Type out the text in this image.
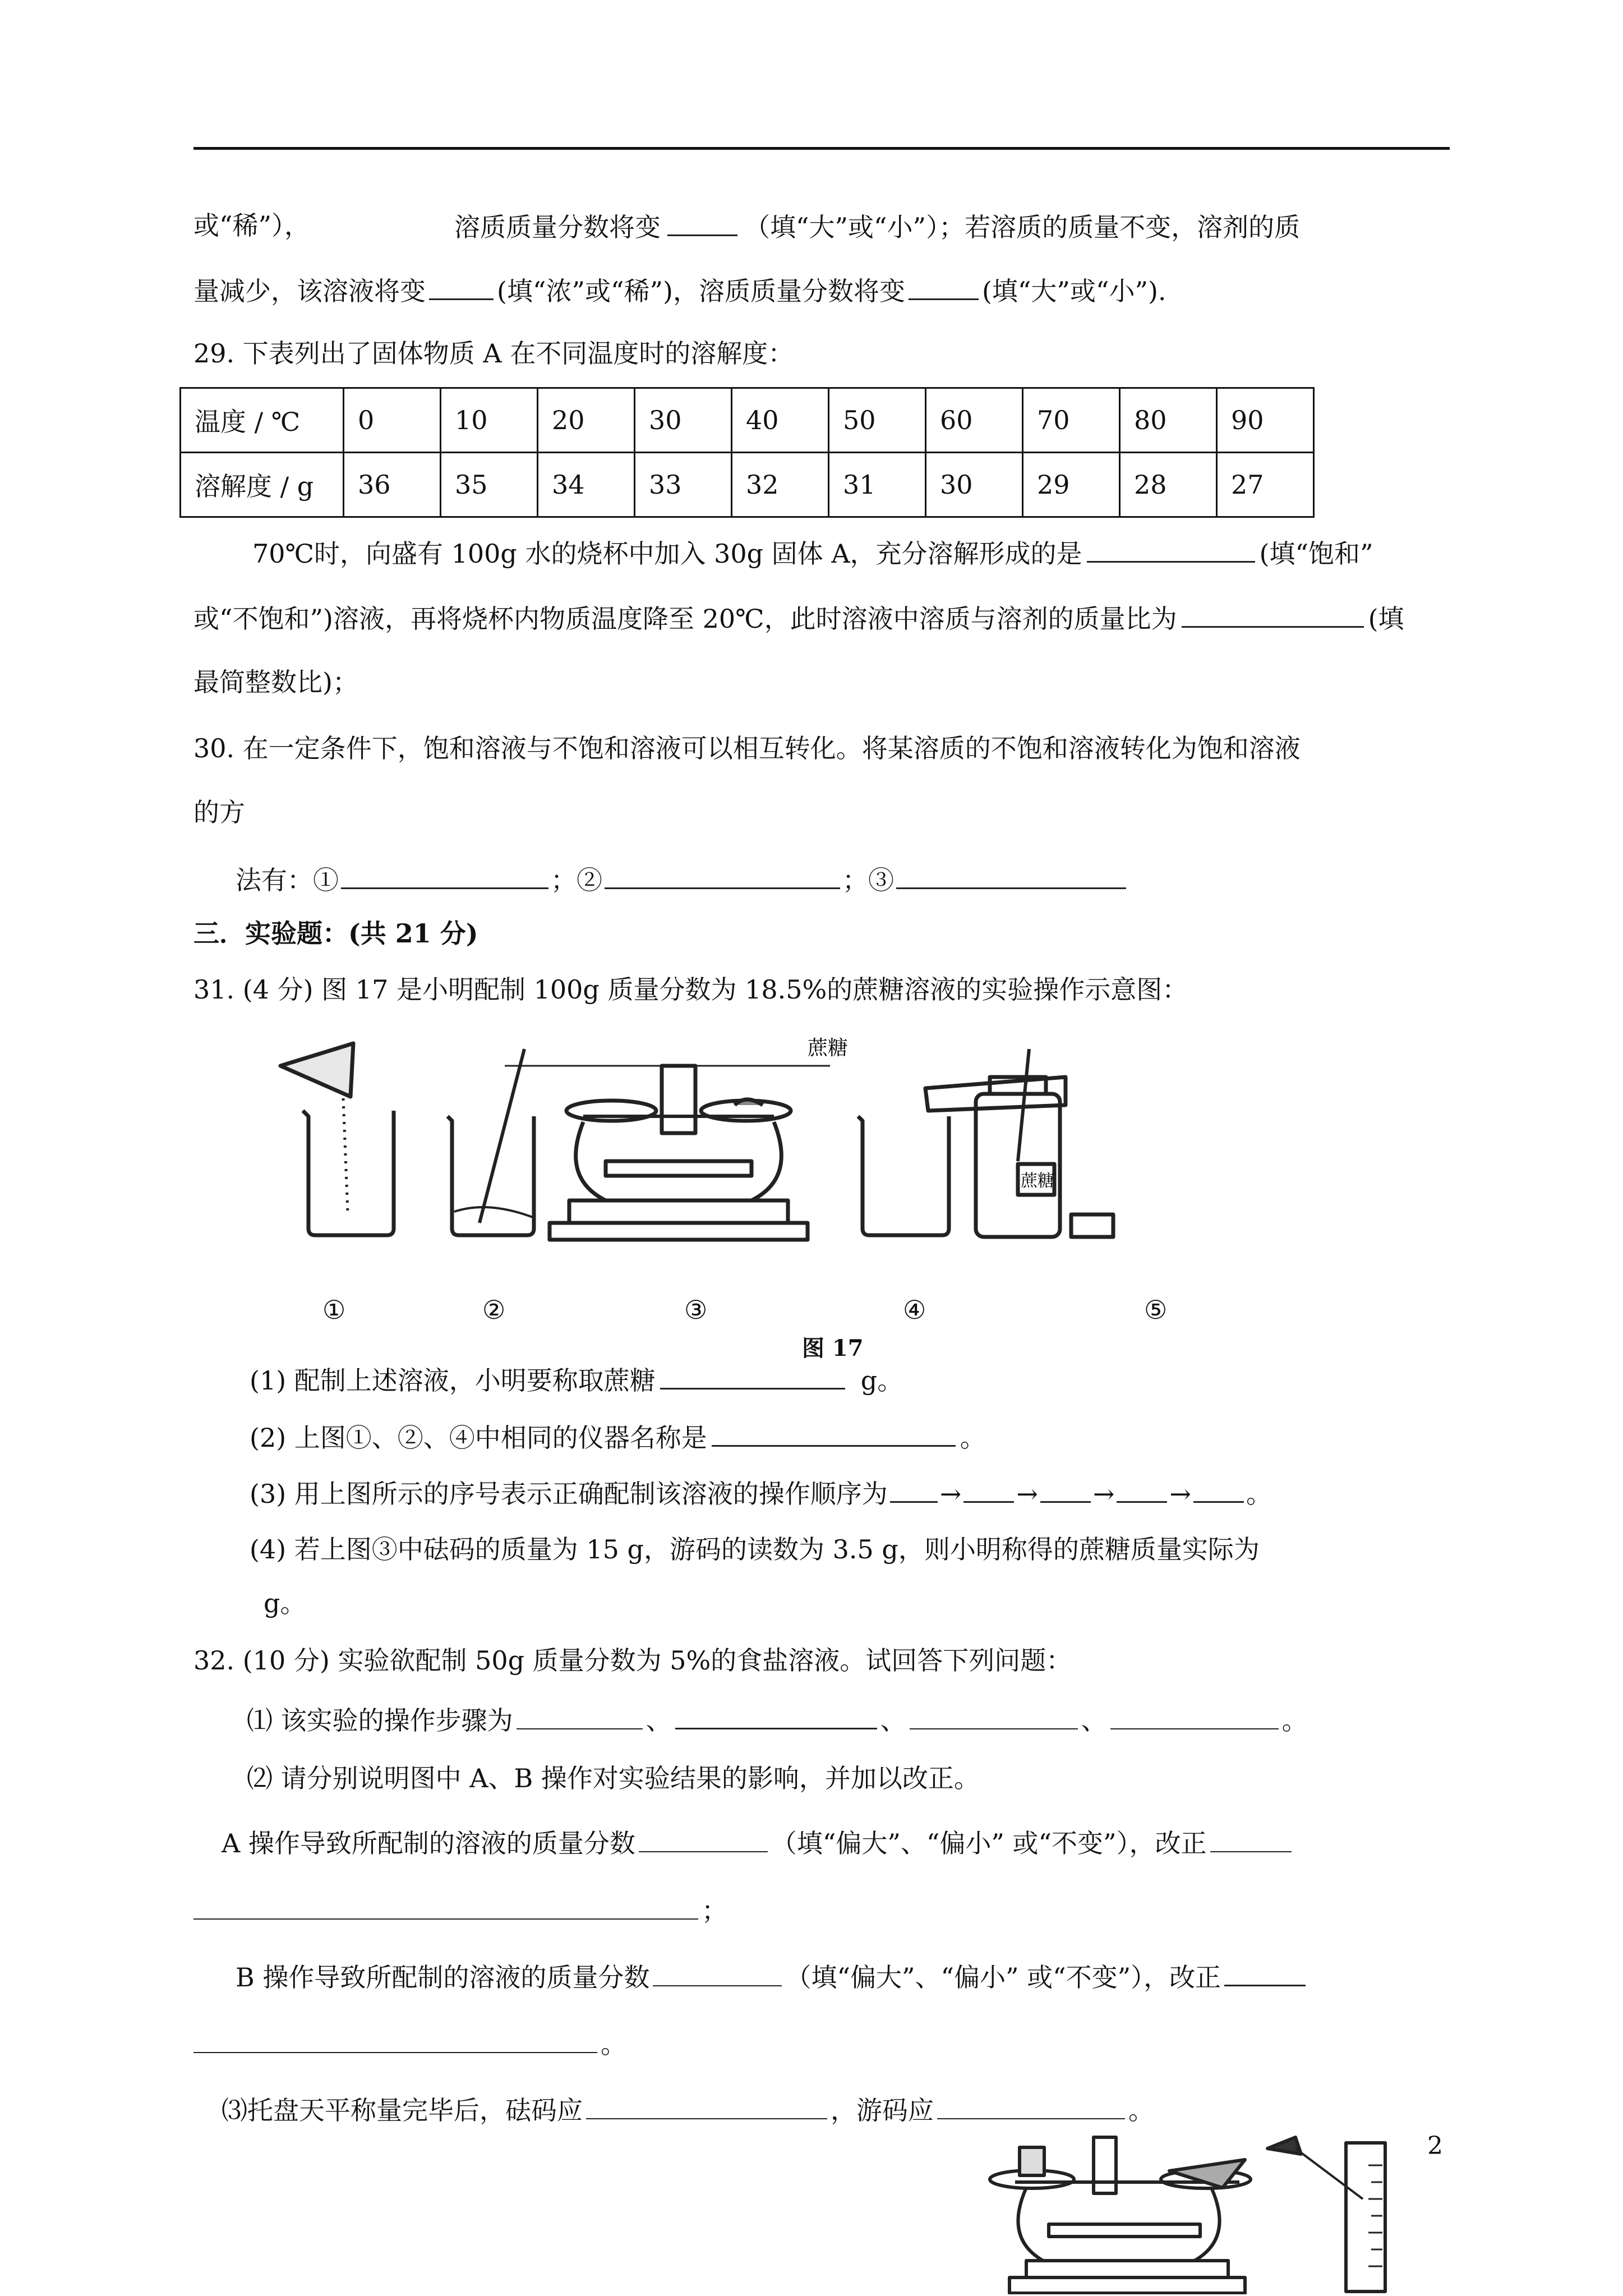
或“稀”），	溶质质量分数将变	（填“大”或“小”）；若溶质的质量不变，溶剂的质
量减少，该溶液将变	(填“浓”或“稀”)，溶质质量分数将变	(填“大”或“小”).
29. 下表列出了固体物质 A 在不同温度时的溶解度：
温度 / ℃	0	10	20	30	40	50	60	70	80	90
溶解度 / g	36	35	34	33	32	31	30	29	28	27
70℃时，向盛有 100g 水的烧杯中加入 30g 固体 A，充分溶解形成的是	(填“饱和”
或“不饱和”)溶液，再将烧杯内物质温度降至 20℃，此时溶液中溶质与溶剂的质量比为	(填
最简整数比)；
30. 在一定条件下，饱和溶液与不饱和溶液可以相互转化。将某溶质的不饱和溶液转化为饱和溶液
的方
法有：①	；②	；③
三．实验题：(共 21 分)
31. (4 分) 图 17 是小明配制 100g 质量分数为 18.5%的蔗糖溶液的实验操作示意图：
蔗糖
蔗糖
①	②	③	④	⑤
图 17
(1) 配制上述溶液，小明要称取蔗糖	g。
(2) 上图①、②、④中相同的仪器名称是	。
(3) 用上图所示的序号表示正确配制该溶液的操作顺序为 → → → → 。
(4) 若上图③中砝码的质量为 15 g，游码的读数为 3.5 g，则小明称得的蔗糖质量实际为
g。
32. (10 分) 实验欲配制 50g 质量分数为 5%的食盐溶液。试回答下列问题：
⑴ 该实验的操作步骤为	、	、	、	。
⑵ 请分别说明图中 A、B 操作对实验结果的影响，并加以改正。
A 操作导致所配制的溶液的质量分数	（填“偏大”、“偏小” 或“不变”），改正
；
B 操作导致所配制的溶液的质量分数	（填“偏大”、“偏小” 或“不变”），改正
。
⑶托盘天平称量完毕后，砝码应	，游码应	。
2
